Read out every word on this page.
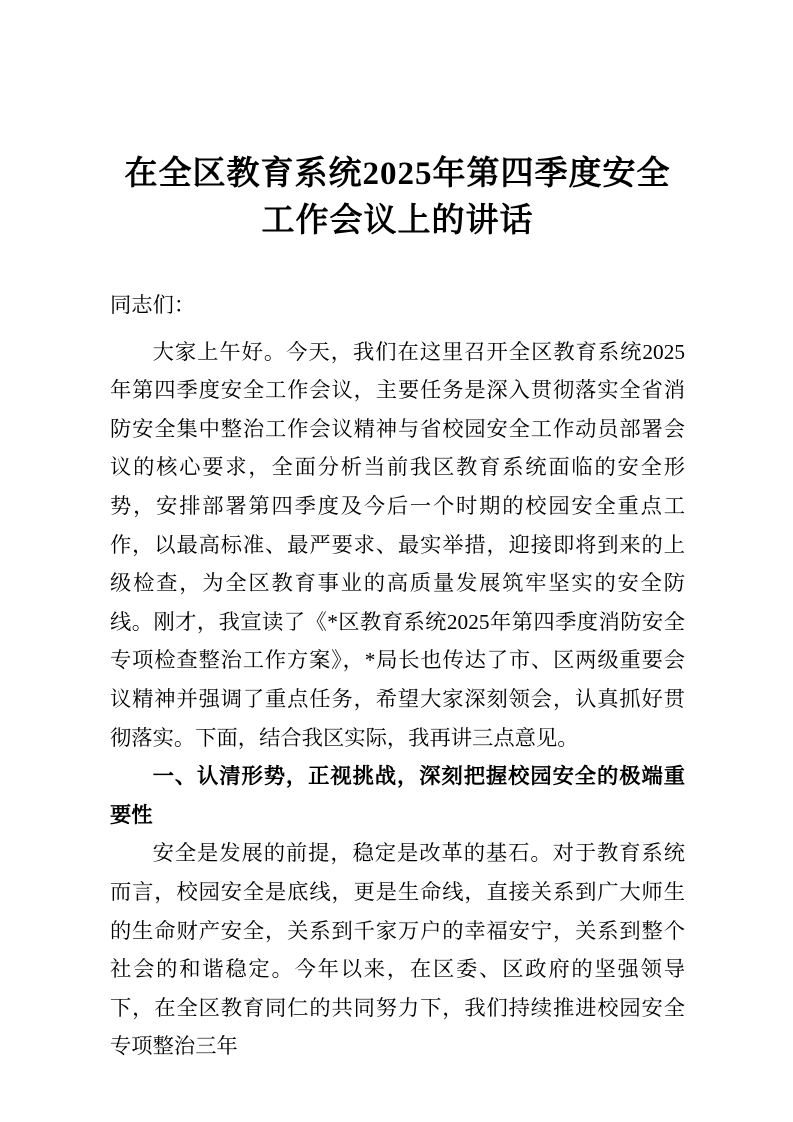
在全区教育系统2025年第四季度安全工作会议上的讲话

同志们：

大家上午好。今天，我们在这里召开全区教育系统2025年第四季度安全工作会议，主要任务是深入贯彻落实全省消防安全集中整治工作会议精神与省校园安全工作动员部署会议的核心要求，全面分析当前我区教育系统面临的安全形势，安排部署第四季度及今后一个时期的校园安全重点工作，以最高标准、最严要求、最实举措，迎接即将到来的上级检查，为全区教育事业的高质量发展筑牢坚实的安全防线。刚才，我宣读了《*区教育系统2025年第四季度消防安全专项检查整治工作方案》，*局长也传达了市、区两级重要会议精神并强调了重点任务，希望大家深刻领会，认真抓好贯彻落实。下面，结合我区实际，我再讲三点意见。

一、认清形势，正视挑战，深刻把握校园安全的极端重要性

安全是发展的前提，稳定是改革的基石。对于教育系统而言，校园安全是底线，更是生命线，直接关系到广大师生的生命财产安全，关系到千家万户的幸福安宁，关系到整个社会的和谐稳定。今年以来，在区委、区政府的坚强领导下，在全区教育同仁的共同努力下，我们持续推进校园安全专项整治三年
